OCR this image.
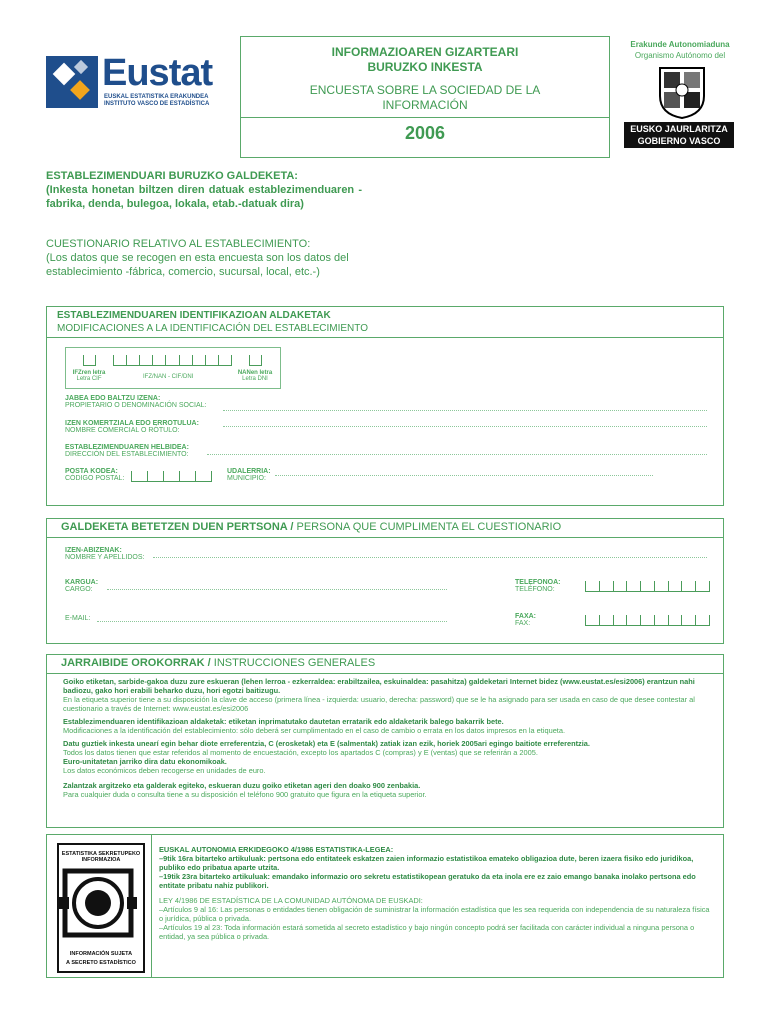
Eustat
EUSKAL ESTATISTIKA ERAKUNDEA
INSTITUTO VASCO DE ESTADÍSTICA
INFORMAZIOAREN GIZARTEARI BURUZKO INKESTA
ENCUESTA SOBRE LA SOCIEDAD DE LA INFORMACIÓN
2006
Erakunde Autonomiaduna
Organismo Autónomo del
EUSKO JAURLARITZA
GOBIERNO VASCO
ESTABLEZIMENDUARI BURUZKO GALDEKETA:
(Inkesta honetan biltzen diren datuak establezimenduaren -fabrika, denda, bulegoa, lokala, etab.-datuak dira)
CUESTIONARIO RELATIVO AL ESTABLECIMIENTO:
(Los datos que se recogen en esta encuesta son los datos del establecimiento -fábrica, comercio, sucursal, local, etc.-)
ESTABLEZIMENDUAREN IDENTIFIKAZIOAN ALDAKETAK
MODIFICACIONES A LA IDENTIFICACIÓN DEL ESTABLECIMIENTO
IFZren letra
Letra CIF	IFZ/NAN - CIF/DNI
NANen letra
Letra DNI
JABEA EDO BALTZU IZENA:
PROPIETARIO O DENOMINACIÓN SOCIAL:
IZEN KOMERTZIALA EDO ERROTULUA:
NOMBRE COMERCIAL O RÓTULO:
ESTABLEZIMENDUAREN HELBIDEA:
DIRECCIÓN DEL ESTABLECIMIENTO:
POSTA KODEA:
CÓDIGO POSTAL:
UDALERRIA:
MUNICIPIO:
GALDEKETA BETETZEN DUEN PERTSONA / PERSONA QUE CUMPLIMENTA EL CUESTIONARIO
IZEN-ABIZENAK:
NOMBRE Y APELLIDOS:
KARGUA:
CARGO:
E-MAIL:
TELEFONOA:
TELÉFONO:
FAXA:
FAX:
JARRAIBIDE OROKORRAK / INSTRUCCIONES GENERALES
Goiko etiketan, sarbide-gakoa duzu zure eskueran (lehen lerroa - ezkerraldea: erabiltzailea, eskuinaldea: pasahitza) galdeketari Internet bidez (www.eustat.es/esi2006) erantzun nahi badiozu, gako hori erabili beharko duzu, hori egotzi baitizugu.
En la etiqueta superior tiene a su disposición la clave de acceso (primera línea - izquierda: usuario, derecha: password) que se le ha asignado para ser usada en caso de que desee contestar al cuestionario a través de Internet: www.eustat.es/esi2006
Establezimenduaren identifikazioan aldaketak: etiketan inprimatutako dautetan erratarik edo aldaketarik balego bakarrik bete.
Modificaciones a la identificación del establecimiento: sólo deberá ser cumplimentado en el caso de cambio o errata en los datos impresos en la etiqueta.
Datu guztiek inkesta unearí egin behar diote erreferentzia, C (erosketak) eta E (salmentak) zatiak izan ezik, horiek 2005ari egingo baitiote erreferentzia.
Todos los datos tienen que estar referidos al momento de encuestación, excepto los apartados C (compras) y E (ventas) que se referirán a 2005.
Euro-unitatetan jarriko dira datu ekonomikoak.
Los datos económicos deben recogerse en unidades de euro.
Zalantzak argitzeko eta galderak egiteko, eskueran duzu goiko etiketan ageri den doako 900 zenbakia.
Para cualquier duda o consulta tiene a su disposición el teléfono 900 gratuito que figura en la etiqueta superior.
ESTATISTIKA SEKRETUPEKO
INFORMAZIOA
INFORMACIÓN SUJETA
A SECRETO ESTADÍSTICO
EUSKAL AUTONOMIA ERKIDEGOKO 4/1986 ESTATISTIKA-LEGEA:
–9tik 16ra bitarteko artikuluak: pertsona edo entitateek eskatzen zaien informazio estatistikoa emateko obligazioa dute, beren izaera fisiko edo juridikoa, publiko edo pribatua aparte utzita.
–19tik 23ra bitarteko artikuluak: emandako informazio oro sekretu estatistikopean geratuko da eta inola ere ez zaio emango banaka inolako pertsona edo entitate pribatu nahiz publikori.
LEY 4/1986 DE ESTADÍSTICA DE LA COMUNIDAD AUTÓNOMA DE EUSKADI:
–Artículos 9 al 16: Las personas o entidades tienen obligación de suministrar la información estadística que les sea requerida con independencia de su naturaleza física o jurídica, pública o privada.
–Artículos 19 al 23: Toda información estará sometida al secreto estadístico y bajo ningún concepto podrá ser facilitada con carácter individual a ninguna persona o entidad, ya sea pública o privada.
